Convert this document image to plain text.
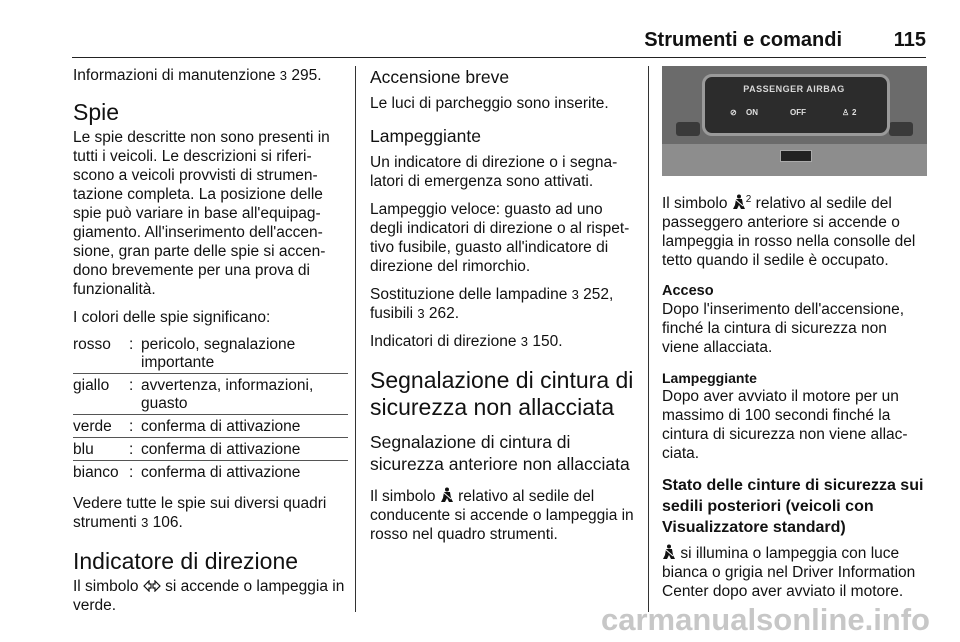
Strumenti e comandi	115

Informazioni di manutenzione 3 295.

Spie

Le spie descritte non sono presenti in tutti i veicoli. Le descrizioni si riferi-scono a veicoli provvisti di strumen-tazione completa. La posizione delle spie può variare in base all'equipag-giamento. All'inserimento dell'accen-sione, gran parte delle spie si accen-dono brevemente per una prova di funzionalità.

I colori delle spie significano:

rosso	:	pericolo, segnalazione importante
giallo	:	avvertenza, informazioni, guasto
verde	:	conferma di attivazione
blu	:	conferma di attivazione
bianco	:	conferma di attivazione

Vedere tutte le spie sui diversi quadri strumenti 3 106.

Indicatore di direzione

Il simbolo si accende o lampeggia in verde.

Accensione breve

Le luci di parcheggio sono inserite.

Lampeggiante

Un indicatore di direzione o i segna-latori di emergenza sono attivati.

Lampeggio veloce: guasto ad uno degli indicatori di direzione o al rispet-tivo fusibile, guasto all'indicatore di direzione del rimorchio.

Sostituzione delle lampadine 3 252,
fusibili 3 262.

Indicatori di direzione 3 150.

Segnalazione di cintura di sicurezza non allacciata
Segnalazione di cintura di sicurezza anteriore non allacciata

Il simbolo relativo al sedile del conducente si accende o lampeggia in rosso nel quadro strumenti.

PASSENGER AIRBAG
⊘ ON	OFF	♙ 2

Il simbolo $^2$ relativo al sedile del passeggero anteriore si accende o lampeggia in rosso nella consolle del tetto quando il sedile è occupato.

Acceso

Dopo l'inserimento dell'accensione, finché la cintura di sicurezza non viene allacciata.

Lampeggiante

Dopo aver avviato il motore per un massimo di 100 secondi finché la cintura di sicurezza non viene allac-ciata.

Stato delle cinture di sicurezza sui sedili posteriori (veicoli con Visualizzatore standard)

si illumina o lampeggia con luce bianca o grigia nel Driver Information Center dopo aver avviato il motore.

carmanualsonline.info
